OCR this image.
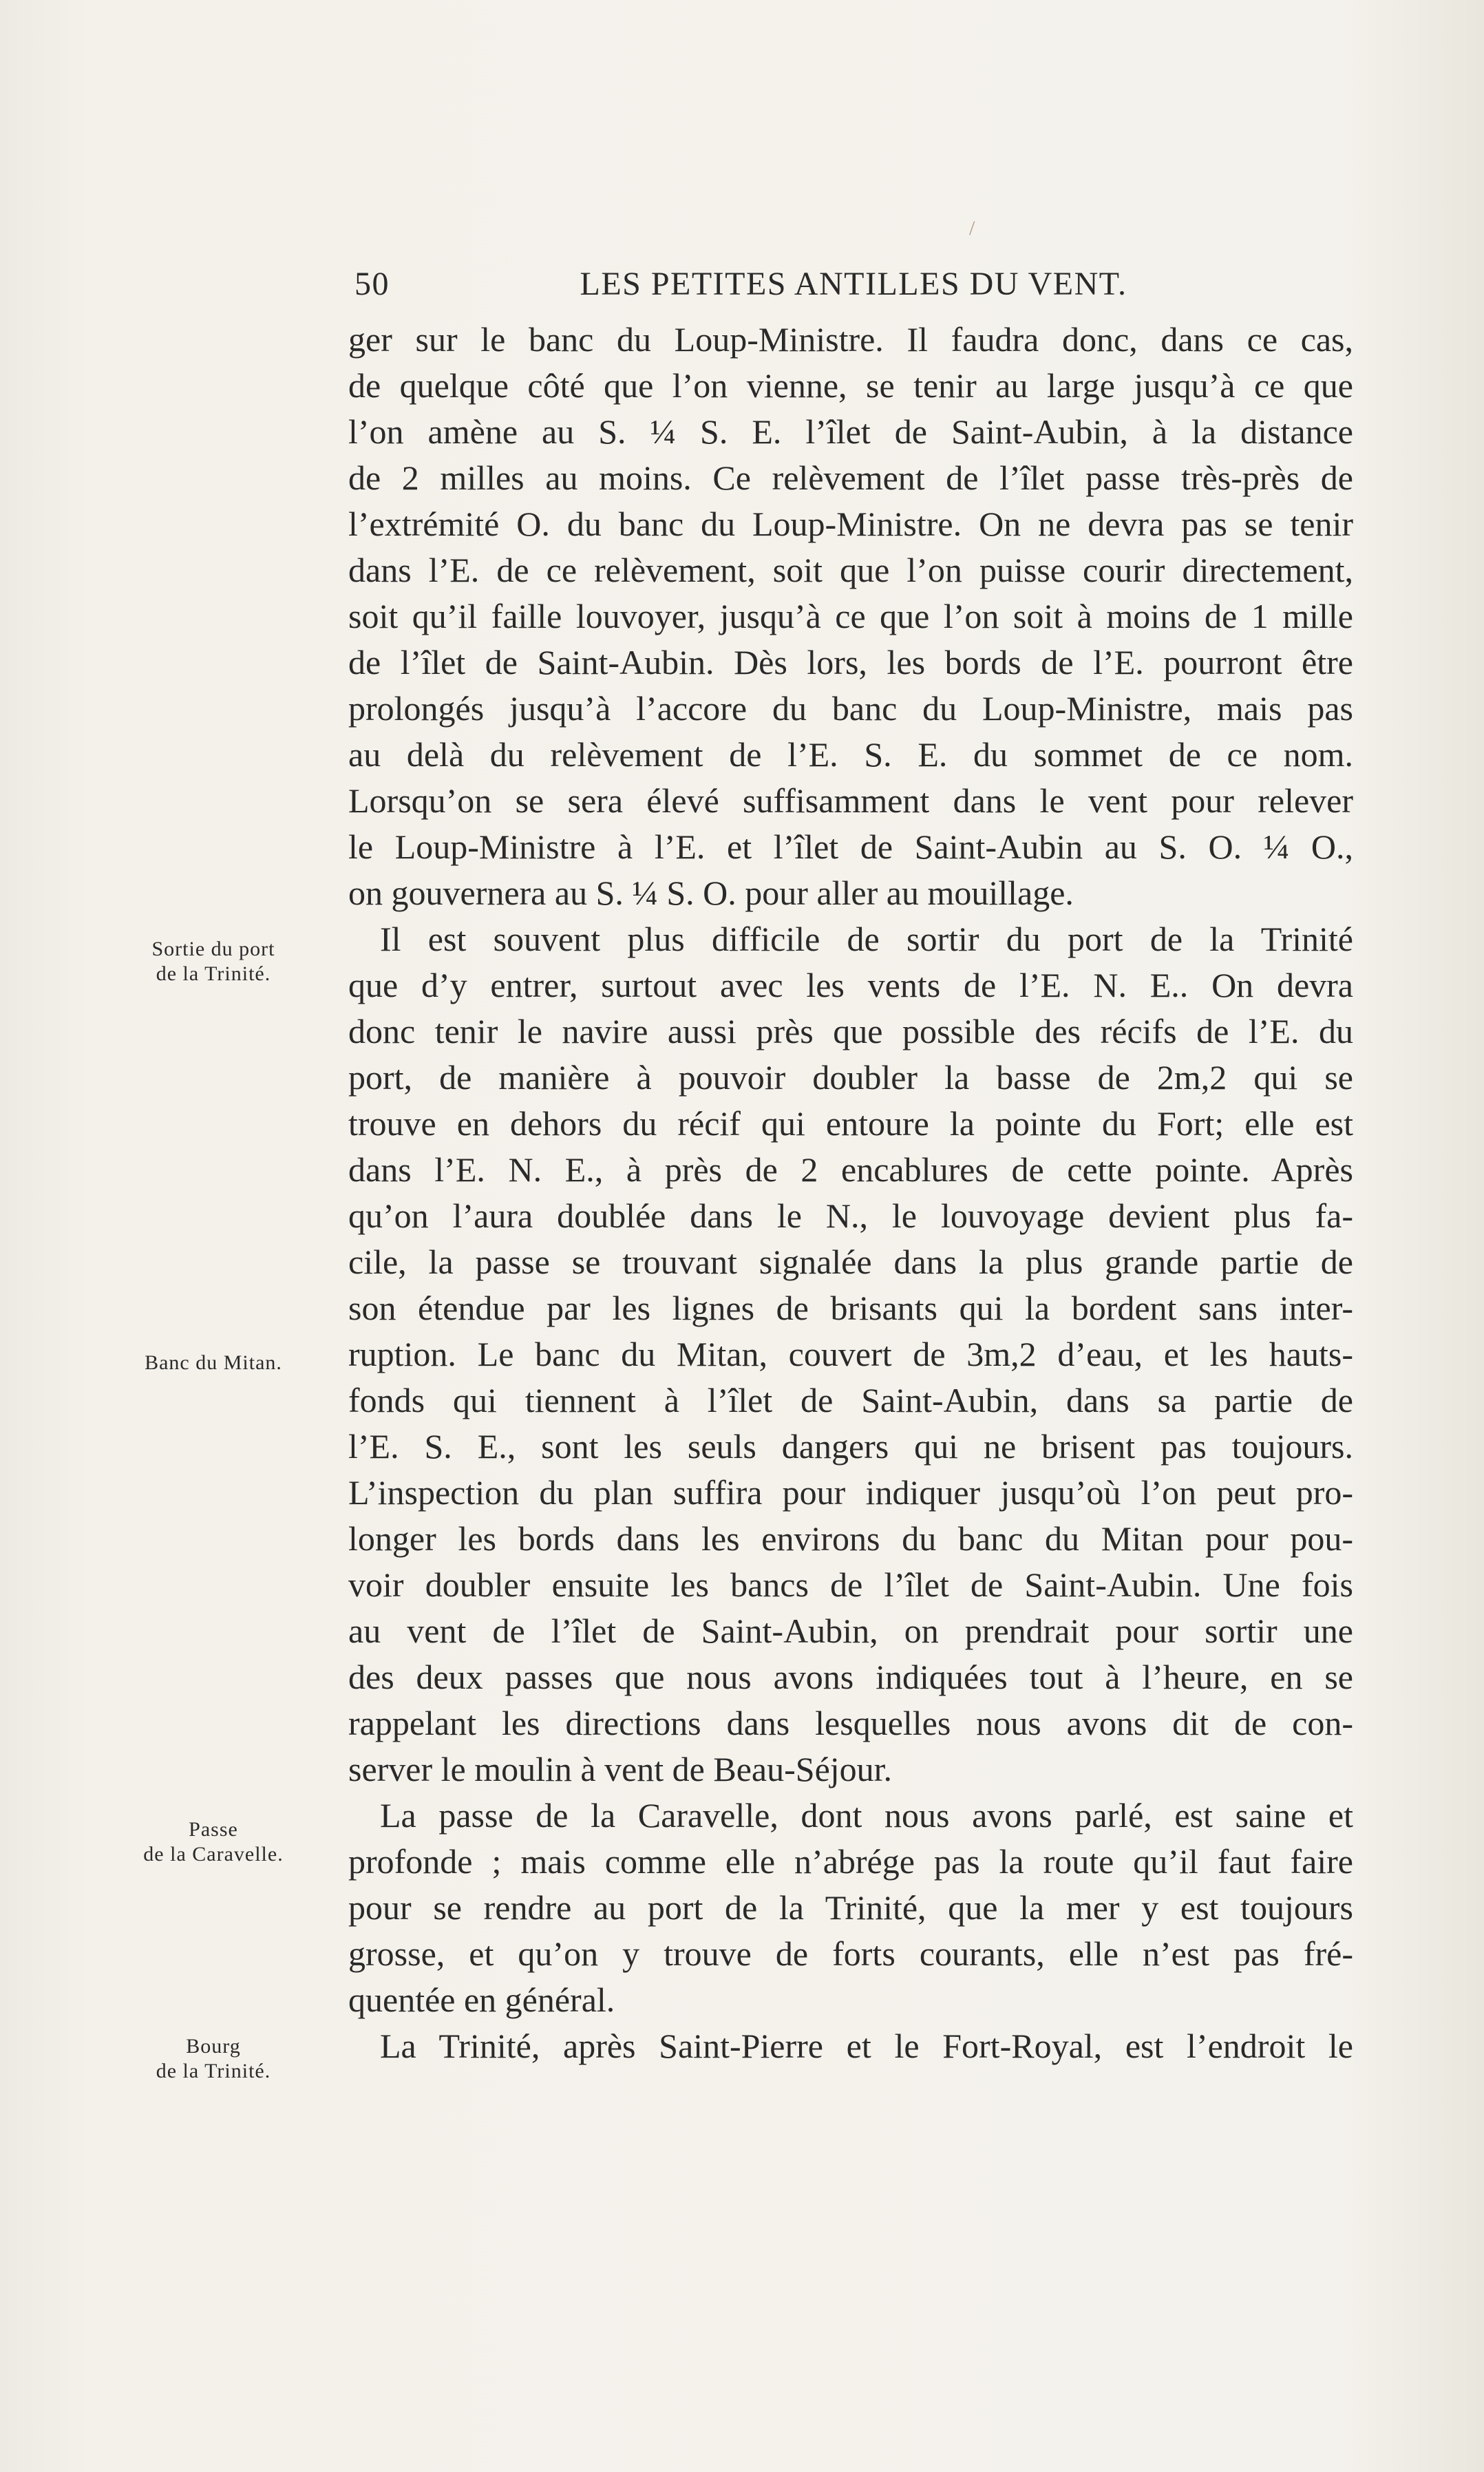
/
50	LES PETITES ANTILLES DU VENT.
ger sur le banc du Loup-Ministre. Il faudra donc, dans ce cas,
de quelque côté que l’on vienne, se tenir au large jusqu’à ce que
l’on amène au S. ¼ S. E. l’îlet de Saint-Aubin, à la distance
de 2 milles au moins. Ce relèvement de l’îlet passe très-près de
l’extrémité O. du banc du Loup-Ministre. On ne devra pas se tenir
dans l’E. de ce relèvement, soit que l’on puisse courir directement,
soit qu’il faille louvoyer, jusqu’à ce que l’on soit à moins de 1 mille
de l’îlet de Saint-Aubin. Dès lors, les bords de l’E. pourront être
prolongés jusqu’à l’accore du banc du Loup-Ministre, mais pas
au delà du relèvement de l’E. S. E. du sommet de ce nom.
Lorsqu’on se sera élevé suffisamment dans le vent pour relever
le Loup-Ministre à l’E. et l’îlet de Saint-Aubin au S. O. ¼ O.,
on gouvernera au S. ¼ S. O. pour aller au mouillage.
Il est souvent plus difficile de sortir du port de la Trinité
que d’y entrer, surtout avec les vents de l’E. N. E.. On devra
donc tenir le navire aussi près que possible des récifs de l’E. du
port, de manière à pouvoir doubler la basse de 2m,2 qui se
trouve en dehors du récif qui entoure la pointe du Fort; elle est
dans l’E. N. E., à près de 2 encablures de cette pointe. Après
qu’on l’aura doublée dans le N., le louvoyage devient plus fa-
cile, la passe se trouvant signalée dans la plus grande partie de
son étendue par les lignes de brisants qui la bordent sans inter-
ruption. Le banc du Mitan, couvert de 3m,2 d’eau, et les hauts-
fonds qui tiennent à l’îlet de Saint-Aubin, dans sa partie de
l’E. S. E., sont les seuls dangers qui ne brisent pas toujours.
L’inspection du plan suffira pour indiquer jusqu’où l’on peut pro-
longer les bords dans les environs du banc du Mitan pour pou-
voir doubler ensuite les bancs de l’îlet de Saint-Aubin. Une fois
au vent de l’îlet de Saint-Aubin, on prendrait pour sortir une
des deux passes que nous avons indiquées tout à l’heure, en se
rappelant les directions dans lesquelles nous avons dit de con-
server le moulin à vent de Beau-Séjour.
La passe de la Caravelle, dont nous avons parlé, est saine et
profonde ; mais comme elle n’abrége pas la route qu’il faut faire
pour se rendre au port de la Trinité, que la mer y est toujours
grosse, et qu’on y trouve de forts courants, elle n’est pas fré-
quentée en général.
La Trinité, après Saint-Pierre et le Fort-Royal, est l’endroit le
Sortie du port
de la Trinité.
Banc du Mitan.
Passe
de la Caravelle.
Bourg
de la Trinité.
